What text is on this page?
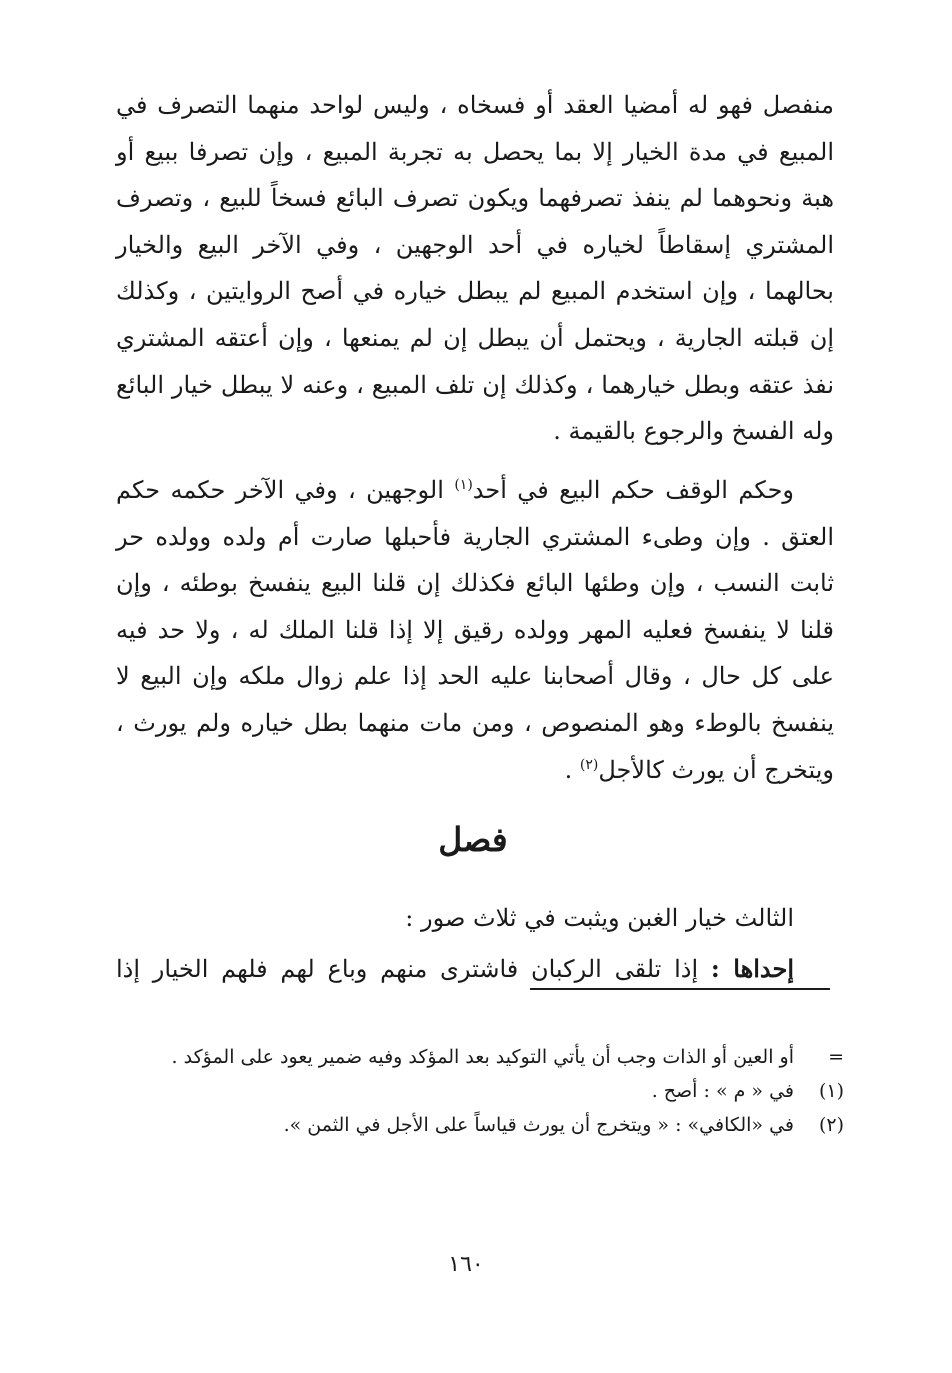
منفصل فهو له أمضيا العقد أو فسخاه ، وليس لواحد منهما التصرف في المبيع في مدة الخيار إلا بما يحصل به تجربة المبيع ، وإن تصرفا ببيع أو هبة ونحوهما لم ينفذ تصرفهما ويكون تصرف البائع فسخاً للبيع ، وتصرف المشتري إسقاطاً لخياره في أحد الوجهين ، وفي الآخر البيع والخيار بحالهما ، وإن استخدم المبيع لم يبطل خياره في أصح الروايتين ، وكذلك إن قبلته الجارية ، ويحتمل أن يبطل إن لم يمنعها ، وإن أعتقه المشتري نفذ عتقه وبطل خيارهما ، وكذلك إن تلف المبيع ، وعنه لا يبطل خيار البائع وله الفسخ والرجوع بالقيمة .

وحكم الوقف حكم البيع في أحد$^{(١)}$ الوجهين ، وفي الآخر حكمه حكم العتق . وإن وطىء المشتري الجارية فأحبلها صارت أم ولده وولده حر ثابت النسب ، وإن وطئها البائع فكذلك إن قلنا البيع ينفسخ بوطئه ، وإن قلنا لا ينفسخ فعليه المهر وولده رقيق إلا إذا قلنا الملك له ، ولا حد فيه على كل حال ، وقال أصحابنا عليه الحد إذا علم زوال ملكه وإن البيع لا ينفسخ بالوطء وهو المنصوص ، ومن مات منهما بطل خياره ولم يورث ، ويتخرج أن يورث كالأجل$^{(٢)}$ .

فصل

الثالث خيار الغبن ويثبت في ثلاث صور :

إحداها : إذا تلقى الركبان فاشترى منهم وباع لهم فلهم الخيار إذا

=
أو العين أو الذات وجب أن يأتي التوكيد بعد المؤكد وفيه ضمير يعود على المؤكد .
(١)
في « م » : أصح .
(٢)
في «الكافي» : « ويتخرج أن يورث قياساً على الأجل في الثمن ».
١٦٠
